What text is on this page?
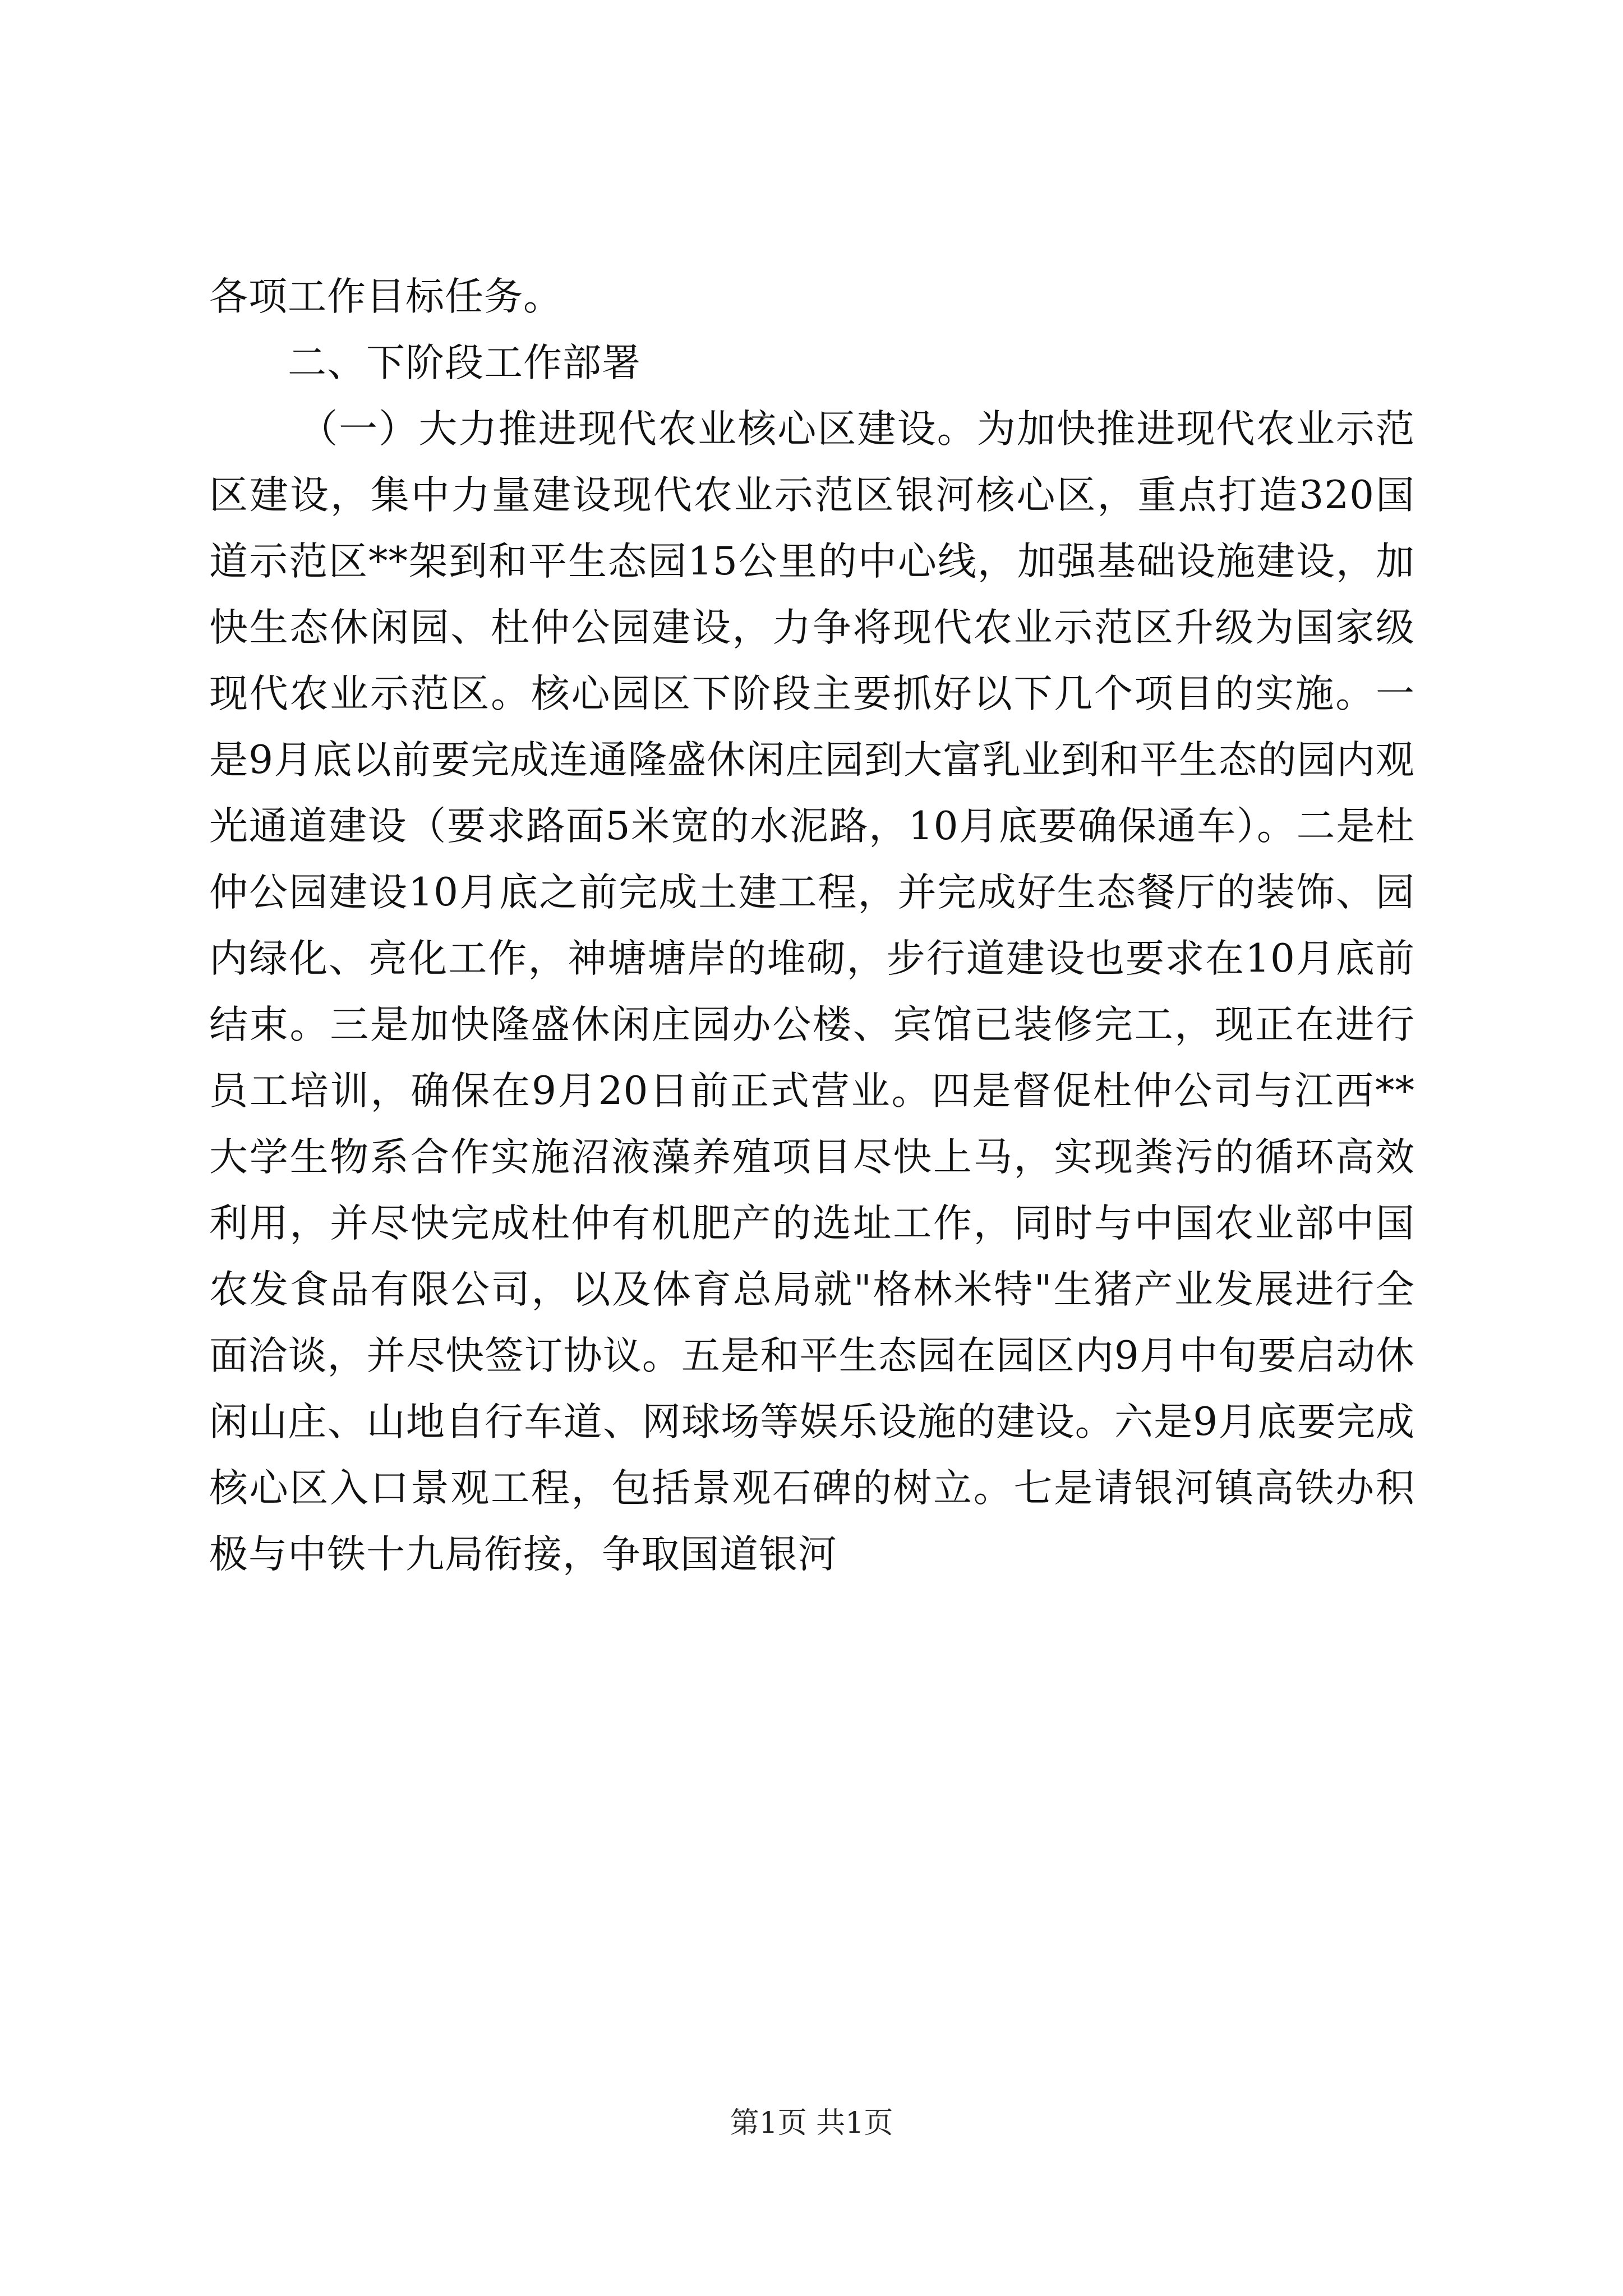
各项工作目标任务。

二、下阶段工作部署

（一）大力推进现代农业核心区建设。为加快推进现代农业示范区建设，集中力量建设现代农业示范区银河核心区，重点打造320国道示范区**架到和平生态园15公里的中心线，加强基础设施建设，加快生态休闲园、杜仲公园建设，力争将现代农业示范区升级为国家级现代农业示范区。核心园区下阶段主要抓好以下几个项目的实施。一是9月底以前要完成连通隆盛休闲庄园到大富乳业到和平生态的园内观光通道建设（要求路面5米宽的水泥路，10月底要确保通车）。二是杜仲公园建设10月底之前完成土建工程，并完成好生态餐厅的装饰、园内绿化、亮化工作，神塘塘岸的堆砌，步行道建设也要求在10月底前结束。三是加快隆盛休闲庄园办公楼、宾馆已装修完工，现正在进行员工培训，确保在9月20日前正式营业。四是督促杜仲公司与江西**大学生物系合作实施沼液藻养殖项目尽快上马，实现粪污的循环高效利用，并尽快完成杜仲有机肥产的选址工作，同时与中国农业部中国农发食品有限公司，以及体育总局就"格林米特"生猪产业发展进行全面洽谈，并尽快签订协议。五是和平生态园在园区内9月中旬要启动休闲山庄、山地自行车道、网球场等娱乐设施的建设。六是9月底要完成核心区入口景观工程，包括景观石碑的树立。七是请银河镇高铁办积极与中铁十九局衔接，争取国道银河

第1页 共1页
